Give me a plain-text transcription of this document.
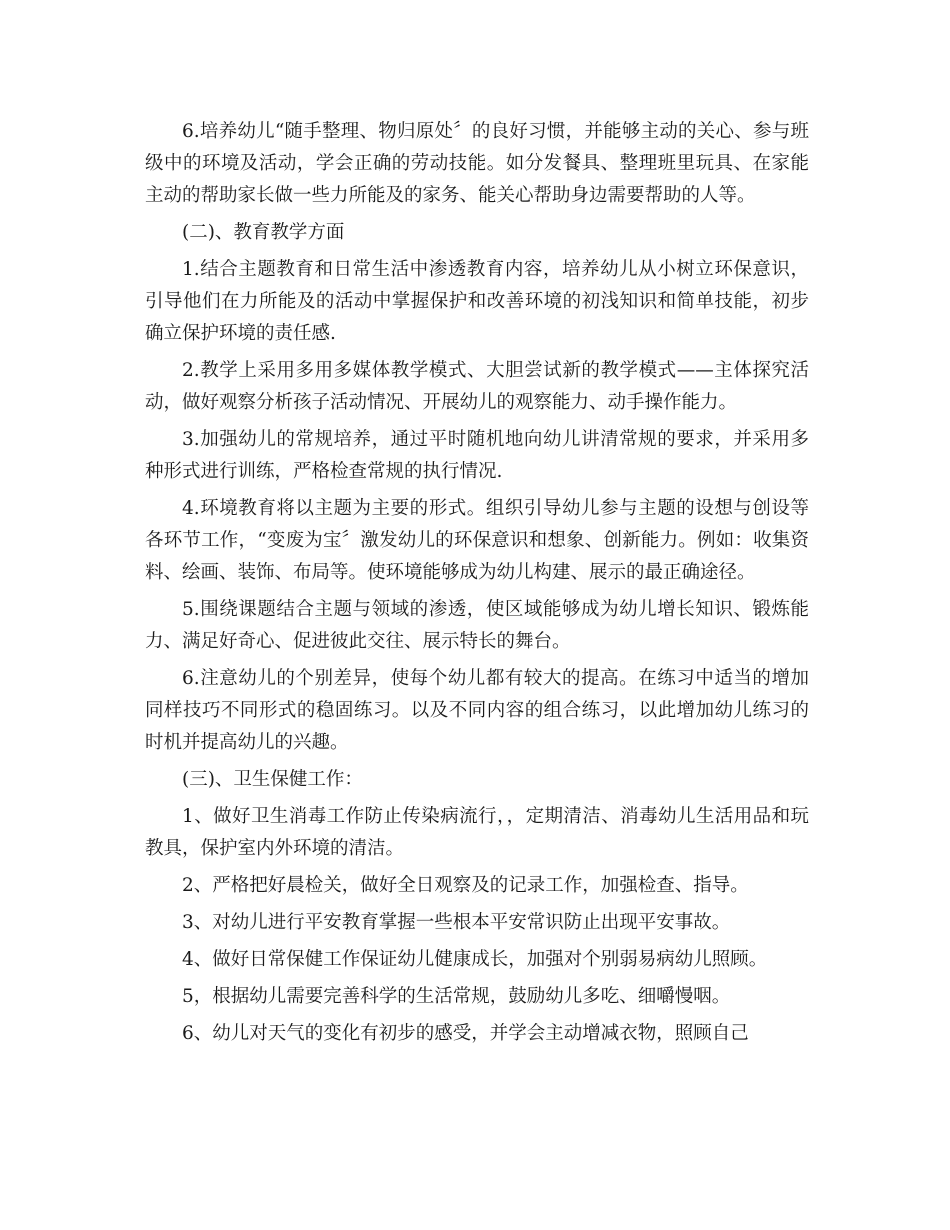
6.培养幼儿“随手整理、物归原处〞的良好习惯，并能够主动的关心、参与班级中的环境及活动，学会正确的劳动技能。如分发餐具、整理班里玩具、在家能主动的帮助家长做一些力所能及的家务、能关心帮助身边需要帮助的人等。

(二)、教育教学方面

1.结合主题教育和日常生活中渗透教育内容，培养幼儿从小树立环保意识，引导他们在力所能及的活动中掌握保护和改善环境的初浅知识和简单技能，初步确立保护环境的责任感.

2.教学上采用多用多媒体教学模式、大胆尝试新的教学模式——主体探究活动，做好观察分析孩子活动情况、开展幼儿的观察能力、动手操作能力。

3.加强幼儿的常规培养，通过平时随机地向幼儿讲清常规的要求，并采用多种形式进行训练，严格检查常规的执行情况.

4.环境教育将以主题为主要的形式。组织引导幼儿参与主题的设想与创设等各环节工作，“变废为宝〞激发幼儿的环保意识和想象、创新能力。例如：收集资料、绘画、装饰、布局等。使环境能够成为幼儿构建、展示的最正确途径。

5.围绕课题结合主题与领域的渗透，使区域能够成为幼儿增长知识、锻炼能力、满足好奇心、促进彼此交往、展示特长的舞台。

6.注意幼儿的个别差异，使每个幼儿都有较大的提高。在练习中适当的增加同样技巧不同形式的稳固练习。以及不同内容的组合练习，以此增加幼儿练习的时机并提高幼儿的兴趣。

(三)、卫生保健工作：

1、做好卫生消毒工作防止传染病流行，，定期清洁、消毒幼儿生活用品和玩教具，保护室内外环境的清洁。

2、严格把好晨检关，做好全日观察及的记录工作，加强检查、指导。

3、对幼儿进行平安教育掌握一些根本平安常识防止出现平安事故。

4、做好日常保健工作保证幼儿健康成长，加强对个别弱易病幼儿照顾。

5，根据幼儿需要完善科学的生活常规，鼓励幼儿多吃、细嚼慢咽。

6、幼儿对天气的变化有初步的感受，并学会主动增减衣物，照顾自己
